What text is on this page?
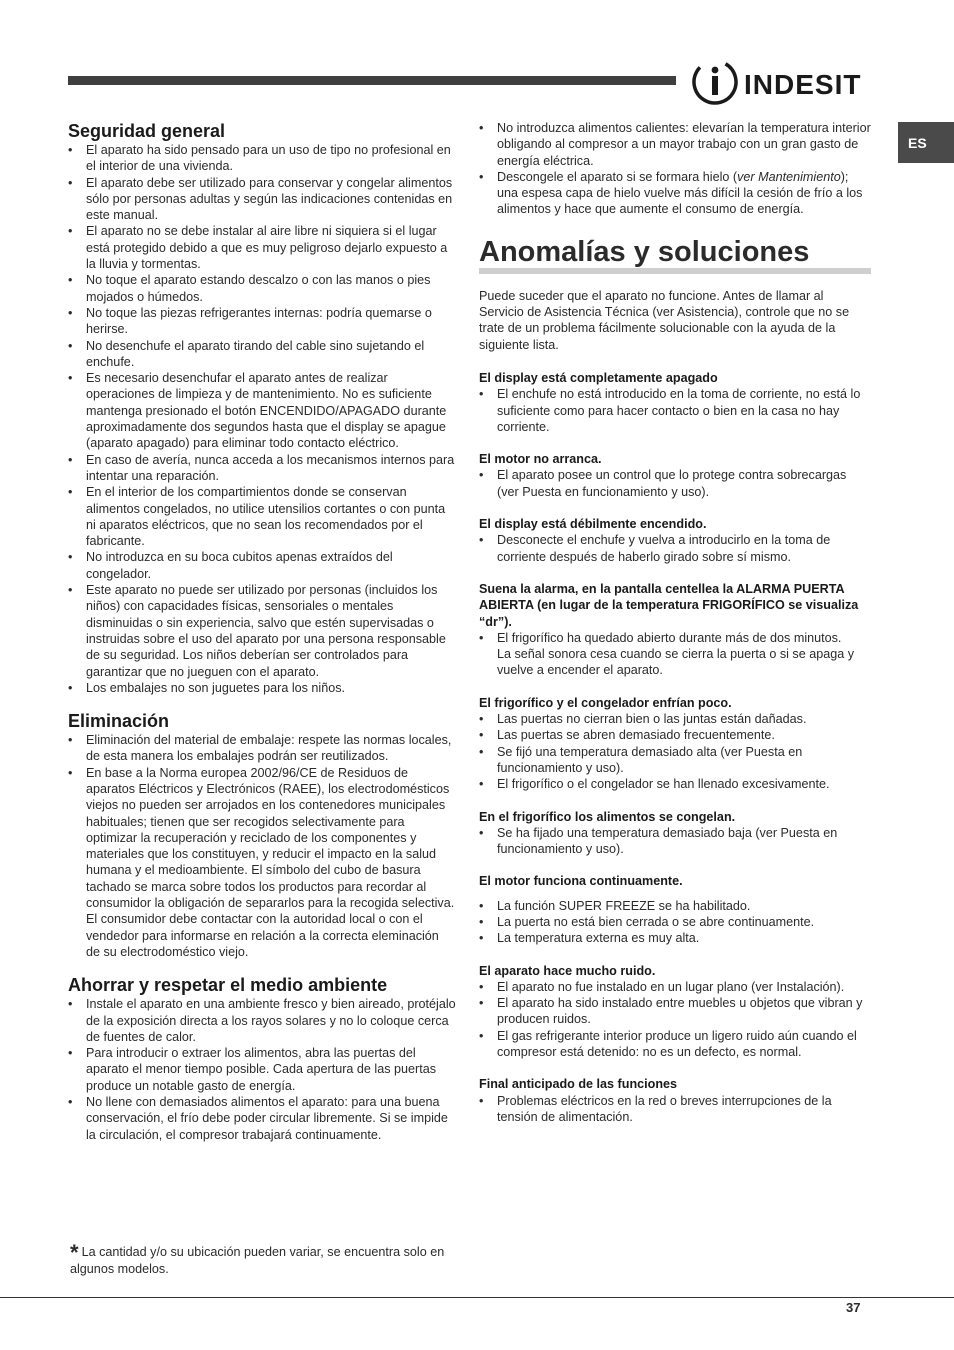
INDESIT
ES
Seguridad general
• El aparato ha sido pensado para un uso de tipo no profesional en el interior de una vivienda.
• El aparato debe ser utilizado para conservar y congelar alimentos sólo por personas adultas y según las indicaciones contenidas en este manual.
• El aparato no se debe instalar al aire libre ni siquiera si el lugar está protegido debido a que es muy peligroso dejarlo expuesto a la lluvia y tormentas.
• No toque el aparato estando descalzo o con las manos o pies mojados o húmedos.
• No toque las piezas refrigerantes internas: podría quemarse o herirse.
• No desenchufe el aparato tirando del cable sino sujetando el enchufe.
• Es necesario desenchufar el aparato antes de realizar operaciones de limpieza y de mantenimiento. No es suficiente mantenga presionado el botón ENCENDIDO/APAGADO durante aproximadamente dos segundos hasta que el display se apague (aparato apagado) para eliminar todo contacto eléctrico.
• En caso de avería, nunca acceda a los mecanismos internos para intentar una reparación.
• En el interior de los compartimientos donde se conservan alimentos congelados, no utilice utensilios cortantes o con punta ni aparatos eléctricos, que no sean los recomendados por el fabricante.
• No introduzca en su boca cubitos apenas extraídos del congelador.
• Este aparato no puede ser utilizado por personas (incluidos los niños) con capacidades físicas, sensoriales o mentales disminuidas o sin experiencia, salvo que estén supervisadas o instruidas sobre el uso del aparato por una persona responsable de su seguridad. Los niños deberían ser controlados para garantizar que no jueguen con el aparato.
• Los embalajes no son juguetes para los niños.
Eliminación
• Eliminación del material de embalaje: respete las normas locales, de esta manera los embalajes podrán ser reutilizados.
• En base a la Norma europea 2002/96/CE de Residuos de aparatos Eléctricos y Electrónicos (RAEE), los electrodomésticos viejos no pueden ser arrojados en los contenedores municipales habituales; tienen que ser recogidos selectivamente para optimizar la recuperación y reciclado de los componentes y materiales que los constituyen, y reducir el impacto en la salud humana y el medioambiente. El símbolo del cubo de basura tachado se marca sobre todos los productos para recordar al consumidor la obligación de separarlos para la recogida selectiva. El consumidor debe contactar con la autoridad local o con el vendedor para informarse en relación a la correcta eleminación de su electrodoméstico viejo.
Ahorrar y respetar el medio ambiente
• Instale el aparato en una ambiente fresco y bien aireado, protéjalo de la exposición directa a los rayos solares y no lo coloque cerca de fuentes de calor.
• Para introducir o extraer los alimentos, abra las puertas del aparato el menor tiempo posible. Cada apertura de las puertas produce un notable gasto de energía.
• No llene con demasiados alimentos el aparato: para una buena conservación, el frío debe poder circular libremente. Si se impide la circulación, el compresor trabajará continuamente.
* La cantidad y/o su ubicación pueden variar, se encuentra solo en algunos modelos.
• No introduzca alimentos calientes: elevarían la temperatura interior obligando al compresor a un mayor trabajo con un gran gasto de energía eléctrica.
• Descongele el aparato si se formara hielo (ver Mantenimiento); una espesa capa de hielo vuelve más difícil la cesión de frío a los alimentos y hace que aumente el consumo de energía.
Anomalías y soluciones

Puede suceder que el aparato no funcione. Antes de llamar al Servicio de Asistencia Técnica (ver Asistencia), controle que no se trate de un problema fácilmente solucionable con la ayuda de la siguiente lista.

El display está completamente apagado
• El enchufe no está introducido en la toma de corriente, no está lo suficiente como para hacer contacto o bien en la casa no hay corriente.
El motor no arranca.
• El aparato posee un control que lo protege contra sobrecargas (ver Puesta en funcionamiento y uso).
El display está débilmente encendido.
• Desconecte el enchufe y vuelva a introducirlo en la toma de corriente después de haberlo girado sobre sí mismo.
Suena la alarma, en la pantalla centellea la ALARMA PUERTA ABIERTA (en lugar de la temperatura FRIGORÍFICO se visualiza “dr”).
• El frigorífico ha quedado abierto durante más de dos minutos.
La señal sonora cesa cuando se cierra la puerta o si se apaga y vuelve a encender el aparato.
El frigorífico y el congelador enfrían poco.
• Las puertas no cierran bien o las juntas están dañadas.
• Las puertas se abren demasiado frecuentemente.
• Se fijó una temperatura demasiado alta (ver Puesta en funcionamiento y uso).
• El frigorífico o el congelador se han llenado excesivamente.
En el frigorífico los alimentos se congelan.
• Se ha fijado una temperatura demasiado baja (ver Puesta en funcionamiento y uso).
El motor funciona continuamente.
• La función SUPER FREEZE se ha habilitado.
• La puerta no está bien cerrada o se abre continuamente.
• La temperatura externa es muy alta.
El aparato hace mucho ruido.
• El aparato no fue instalado en un lugar plano (ver Instalación).
• El aparato ha sido instalado entre muebles u objetos que vibran y producen ruidos.
• El gas refrigerante interior produce un ligero ruido aún cuando el compresor está detenido: no es un defecto, es normal.
Final anticipado de las funciones
• Problemas eléctricos en la red o breves interrupciones de la tensión de alimentación.
37
